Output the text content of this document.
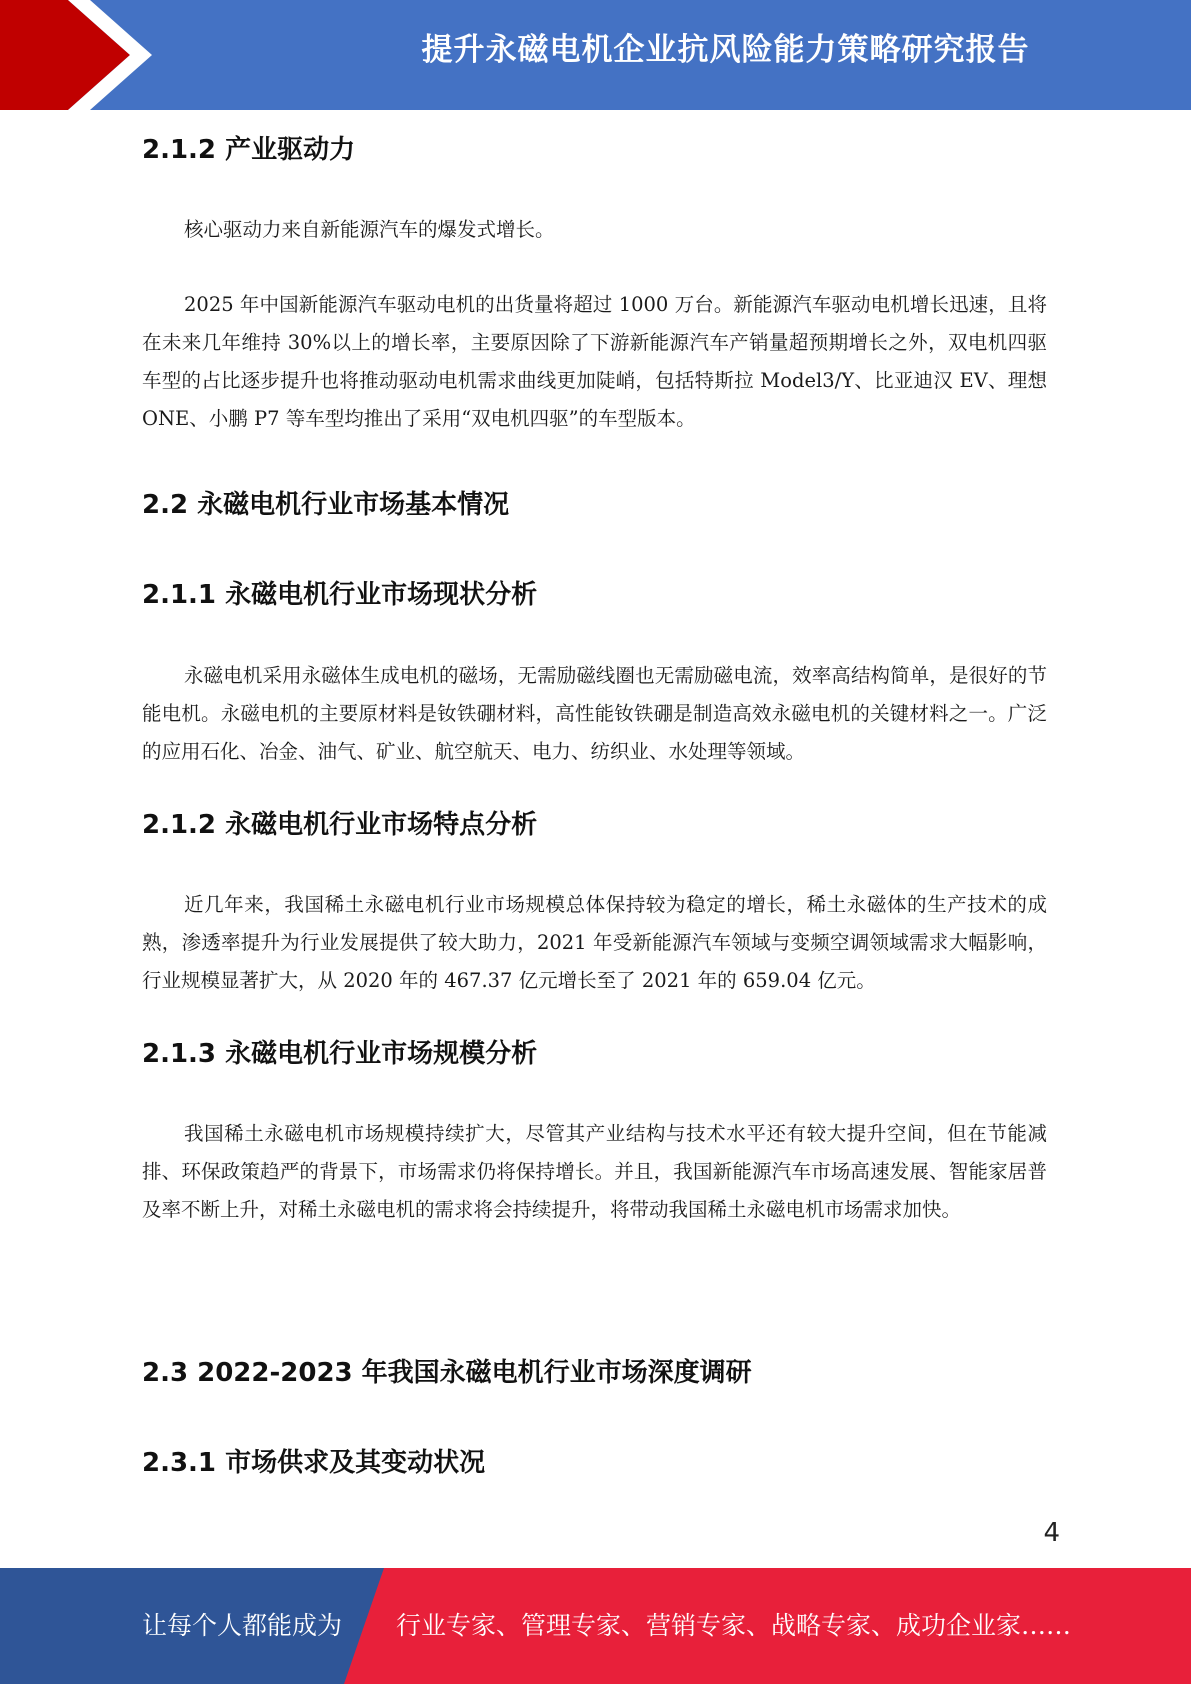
提升永磁电机企业抗风险能力策略研究报告
2.1.2 产业驱动力

核心驱动力来自新能源汽车的爆发式增长。

2025 年中国新能源汽车驱动电机的出货量将超过 1000 万台。新能源汽车驱动电机增长迅速，且将在未来几年维持 30%以上的增长率，主要原因除了下游新能源汽车产销量超预期增长之外，双电机四驱车型的占比逐步提升也将推动驱动电机需求曲线更加陡峭，包括特斯拉 Model3/Y、比亚迪汉 EV、理想 ONE、小鹏 P7 等车型均推出了采用“双电机四驱”的车型版本。

2.2 永磁电机行业市场基本情况
2.1.1 永磁电机行业市场现状分析

永磁电机采用永磁体生成电机的磁场，无需励磁线圈也无需励磁电流，效率高结构简单，是很好的节能电机。永磁电机的主要原材料是钕铁硼材料，高性能钕铁硼是制造高效永磁电机的关键材料之一。广泛的应用石化、冶金、油气、矿业、航空航天、电力、纺织业、水处理等领域。

2.1.2 永磁电机行业市场特点分析

近几年来，我国稀土永磁电机行业市场规模总体保持较为稳定的增长，稀土永磁体的生产技术的成熟，渗透率提升为行业发展提供了较大助力，2021 年受新能源汽车领域与变频空调领域需求大幅影响，行业规模显著扩大，从 2020 年的 467.37 亿元增长至了 2021 年的 659.04 亿元。

2.1.3 永磁电机行业市场规模分析

我国稀土永磁电机市场规模持续扩大，尽管其产业结构与技术水平还有较大提升空间，但在节能减排、环保政策趋严的背景下，市场需求仍将保持增长。并且，我国新能源汽车市场高速发展、智能家居普及率不断上升，对稀土永磁电机的需求将会持续提升，将带动我国稀土永磁电机市场需求加快。

2.3 2022-2023 年我国永磁电机行业市场深度调研
2.3.1 市场供求及其变动状况
4
让每个人都能成为 行业专家、管理专家、营销专家、战略专家、成功企业家……
